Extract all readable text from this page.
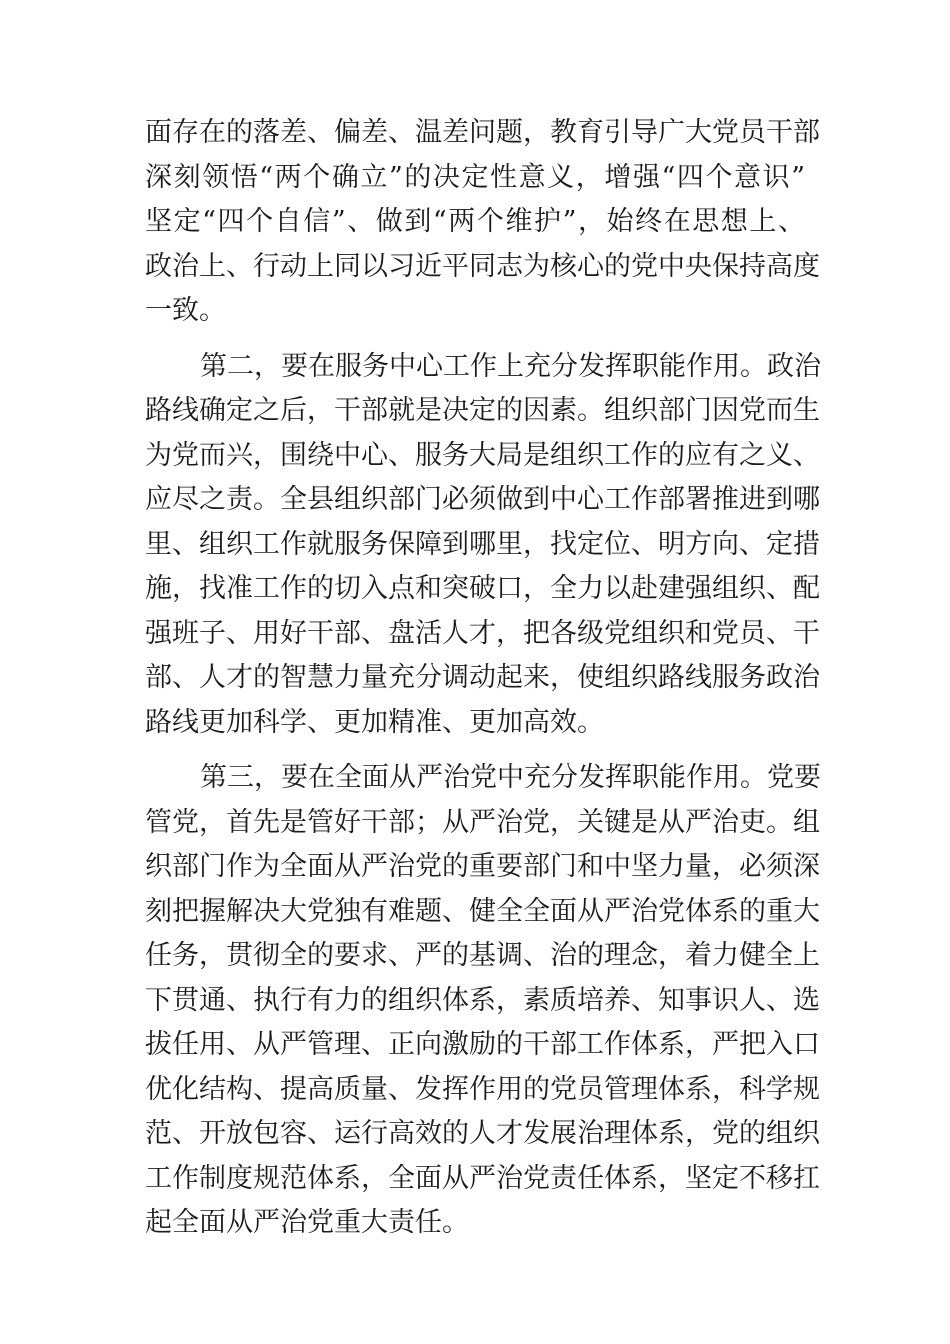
面存在的落差、偏差、温差问题，教育引导广大党员干部
深刻领悟“两个确立”的决定性意义，增强“四个意识”
坚定“四个自信”、做到“两个维护”，始终在思想上、
政治上、行动上同以习近平同志为核心的党中央保持高度
一致。
第二，要在服务中心工作上充分发挥职能作用。政治
路线确定之后，干部就是决定的因素。组织部门因党而生
为党而兴，围绕中心、服务大局是组织工作的应有之义、
应尽之责。全县组织部门必须做到中心工作部署推进到哪
里、组织工作就服务保障到哪里，找定位、明方向、定措
施，找准工作的切入点和突破口，全力以赴建强组织、配
强班子、用好干部、盘活人才，把各级党组织和党员、干
部、人才的智慧力量充分调动起来，使组织路线服务政治
路线更加科学、更加精准、更加高效。
第三，要在全面从严治党中充分发挥职能作用。党要
管党，首先是管好干部；从严治党，关键是从严治吏。组
织部门作为全面从严治党的重要部门和中坚力量，必须深
刻把握解决大党独有难题、健全全面从严治党体系的重大
任务，贯彻全的要求、严的基调、治的理念，着力健全上
下贯通、执行有力的组织体系，素质培养、知事识人、选
拔任用、从严管理、正向激励的干部工作体系，严把入口
优化结构、提高质量、发挥作用的党员管理体系，科学规
范、开放包容、运行高效的人才发展治理体系，党的组织
工作制度规范体系，全面从严治党责任体系，坚定不移扛
起全面从严治党重大责任。
